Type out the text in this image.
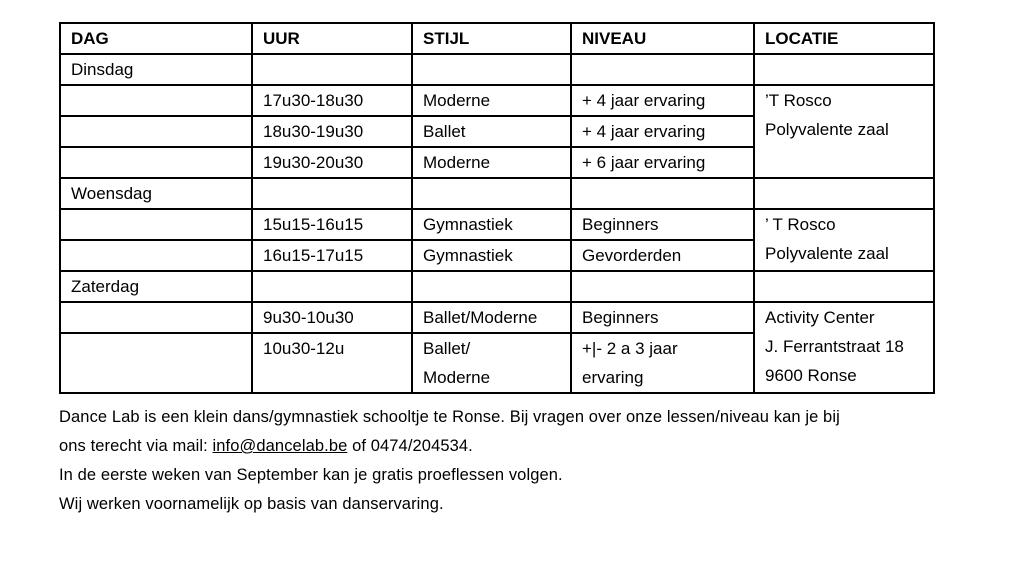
DAG	UUR	STIJL	NIVEAU	LOCATIE
Dinsdag				
	17u30-18u30	Moderne	+ 4 jaar ervaring	’T Rosco
Polyvalente zaal

	18u30-19u30	Ballet	+ 4 jaar ervaring	
	19u30-20u30	Moderne	+ 6 jaar ervaring	
Woensdag				
	15u15-16u15	Gymnastiek	Beginners	’ T Rosco
Polyvalente zaal

	16u15-17u15	Gymnastiek	Gevorderden	
Zaterdag				
	9u30-10u30	Ballet/Moderne	Beginners	Activity Center
J. Ferrantstraat 18
9600 Ronse

	10u30-12u	Ballet/
Moderne	+|- 2 a 3 jaar
ervaring	

Dance Lab is een klein dans/gymnastiek schooltje te Ronse. Bij vragen over onze lessen/niveau kan je bij

ons terecht via mail: info@dancelab.be of 0474/204534.

In de eerste weken van September kan je gratis proeflessen volgen.

Wij werken voornamelijk op basis van danservaring.
